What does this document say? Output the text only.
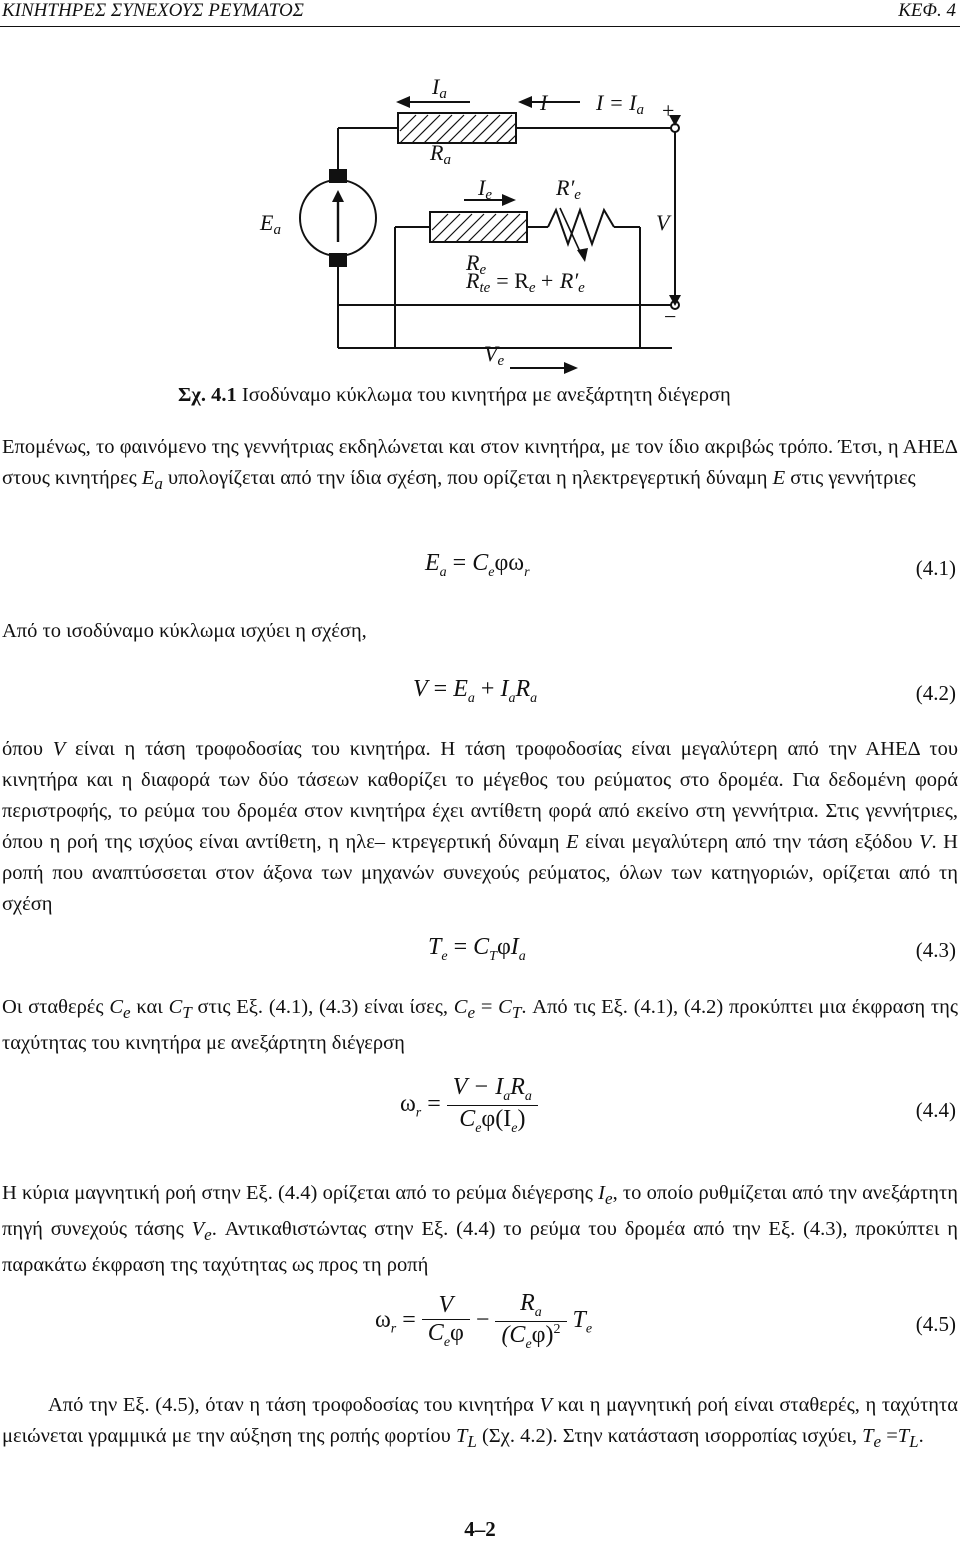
ΚΙΝΗΤΗΡΕΣ ΣΥΝΕΧΟΥΣ ΡΕΥΜΑΤΟΣ	ΚΕΦ. 4
Ia	I I = Ia
Ra
Ie	R′e
Ea	V
Re
Rte = Re + R′e
Ve
+
−
Σχ. 4.1 Ισοδύναμο κύκλωμα του κινητήρα με ανεξάρτητη διέγερση
Επομένως, το φαινόμενο της γεννήτριας εκδηλώνεται και στον κινητήρα, με τον ίδιο ακριβώς τρόπο. Έτσι, η ΑΗΕΔ στους κινητήρες $E_a$ υπολογίζεται από την ίδια σχέση, που ορίζεται η ηλεκτρεγερτική δύναμη E στις γεννήτριες
$E_a = C_e\varphi\omega_r$	(4.1)
Από το ισοδύναμο κύκλωμα ισχύει η σχέση,
$V = E_a + I_aR_a$	(4.2)
όπου V είναι η τάση τροφοδοσίας του κινητήρα. Η τάση τροφοδοσίας είναι μεγαλύτερη από την ΑΗΕΔ του κινητήρα και η διαφορά των δύο τάσεων καθορίζει το μέγεθος του ρεύματος στο δρομέα. Για δεδομένη φορά περιστροφής, το ρεύμα του δρομέα στον κινητήρα έχει αντίθετη φορά από εκείνο στη γεννήτρια. Στις γεννήτριες, όπου η ροή της ισχύος είναι αντίθετη, η ηλε– κτρεγερτική δύναμη E είναι μεγαλύτερη από την τάση εξόδου V. Η ροπή που αναπτύσσεται στον άξονα των μηχανών συνεχούς ρεύματος, όλων των κατηγοριών, ορίζεται από τη σχέση
$T_e = C_T\varphi I_a$	(4.3)
Οι σταθερές $C_e$ και $C_T$ στις Εξ. (4.1), (4.3) είναι ίσες, $C_e = C_T$. Από τις Εξ. (4.1), (4.2) προκύπτει μια έκφραση της ταχύτητας του κινητήρα με ανεξάρτητη διέγερση
$\omega_r = \frac{V - I_aR_a}{C_e\varphi(I_e)}$	(4.4)
Η κύρια μαγνητική ροή στην Εξ. (4.4) ορίζεται από το ρεύμα διέγερσης $I_e$, το οποίο ρυθμίζεται από την ανεξάρτητη πηγή συνεχούς τάσης $V_e$. Αντικαθιστώντας στην Εξ. (4.4) το ρεύμα του δρομέα από την Εξ. (4.3), προκύπτει η παρακάτω έκφραση της ταχύτητας ως προς τη ροπή
$\omega_r = \frac{V}{C_e\varphi} - \frac{R_a}{(C_e\varphi)^2} T_e$	(4.5)
Από την Εξ. (4.5), όταν η τάση τροφοδοσίας του κινητήρα V και η μαγνητική ροή είναι σταθερές, η ταχύτητα μειώνεται γραμμικά με την αύξηση της ροπής φορτίου $T_L$ (Σχ. 4.2). Στην κατάσταση ισορροπίας ισχύει, $T_e =T_L$.
4–2
